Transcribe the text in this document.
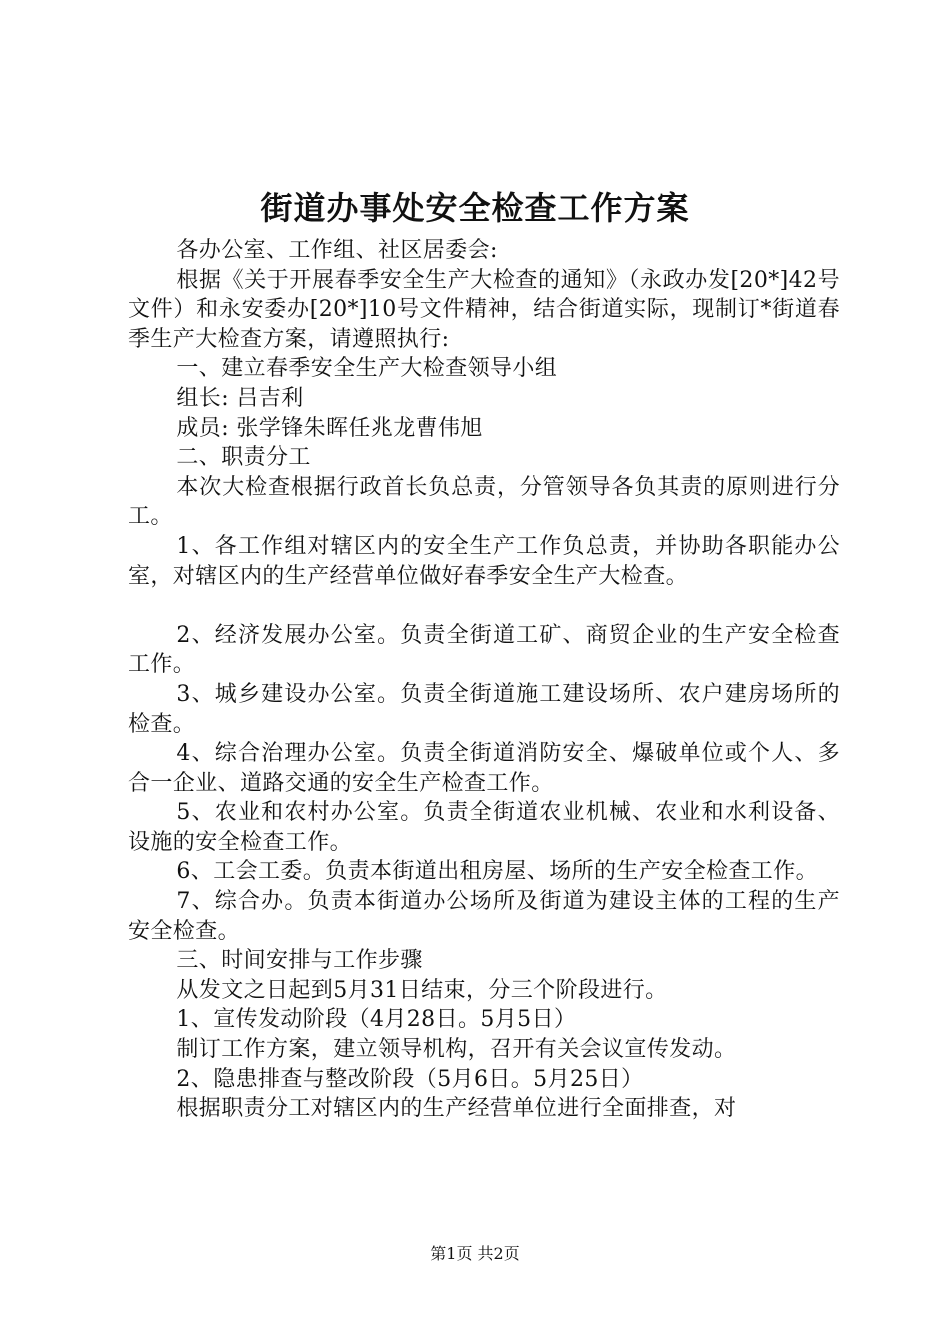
街道办事处安全检查工作方案

各办公室、工作组、社区居委会:

根据《关于开展春季安全生产大检查的通知》（永政办发[20*]42号文件）和永安委办[20*]10号文件精神，结合街道实际，现制订*街道春季生产大检查方案，请遵照执行:

一、建立春季安全生产大检查领导小组

组长: 吕吉利

成员: 张学锋朱晖任兆龙曹伟旭

二、职责分工

本次大检查根据行政首长负总责，分管领导各负其责的原则进行分工。

1、各工作组对辖区内的安全生产工作负总责，并协助各职能办公室，对辖区内的生产经营单位做好春季安全生产大检查。

2、经济发展办公室。负责全街道工矿、商贸企业的生产安全检查工作。

3、城乡建设办公室。负责全街道施工建设场所、农户建房场所的检查。

4、综合治理办公室。负责全街道消防安全、爆破单位或个人、多合一企业、道路交通的安全生产检查工作。

5、农业和农村办公室。负责全街道农业机械、农业和水利设备、设施的安全检查工作。

6、工会工委。负责本街道出租房屋、场所的生产安全检查工作。

7、综合办。负责本街道办公场所及街道为建设主体的工程的生产安全检查。

三、时间安排与工作步骤

从发文之日起到5月31日结束，分三个阶段进行。

1、宣传发动阶段（4月28日。5月5日）

制订工作方案，建立领导机构，召开有关会议宣传发动。

2、隐患排查与整改阶段（5月6日。5月25日）

根据职责分工对辖区内的生产经营单位进行全面排查，对

第1页 共2页
